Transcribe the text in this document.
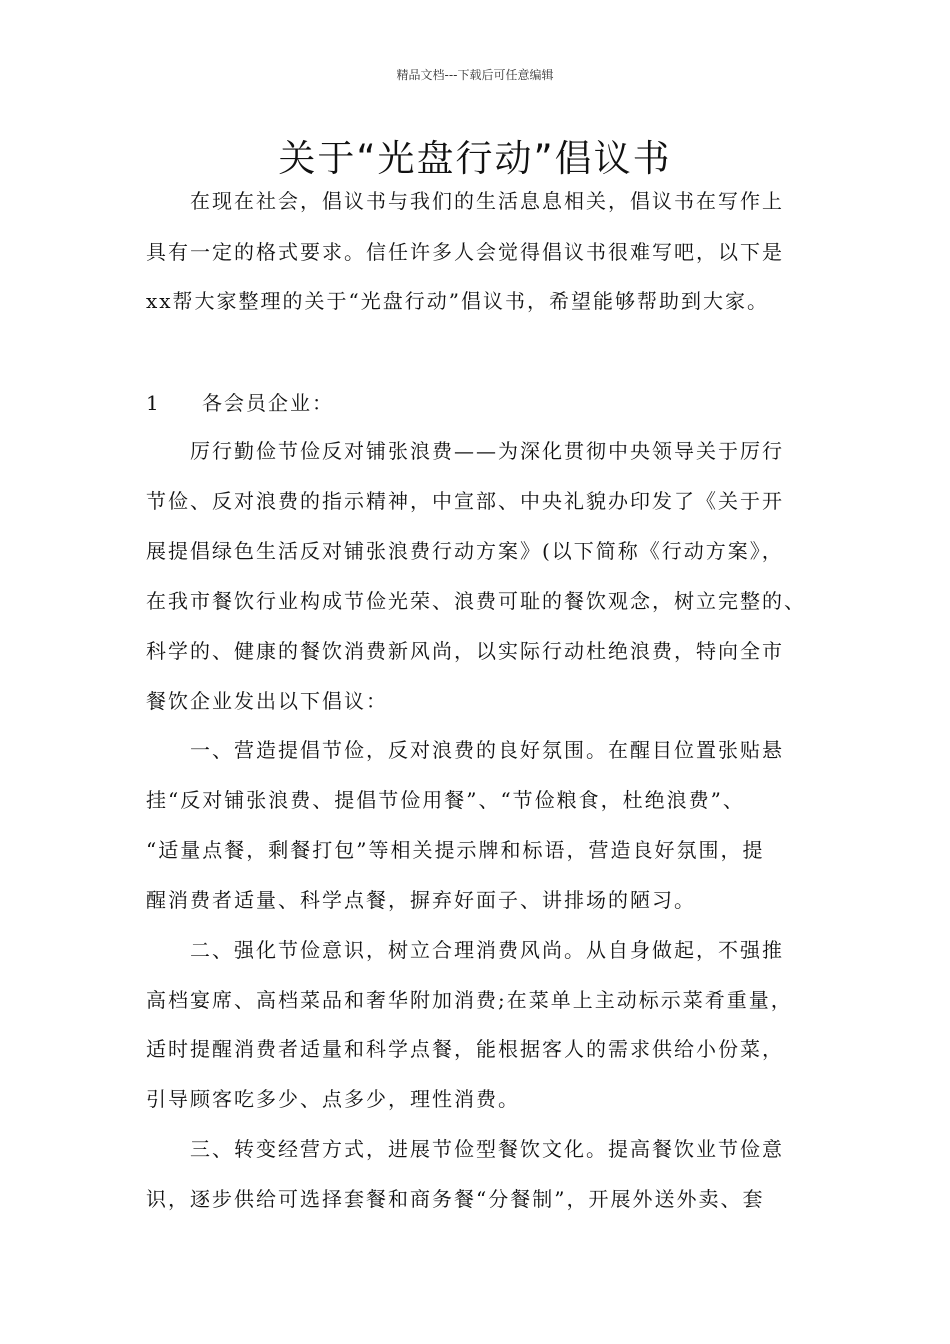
精品文档---下载后可任意编辑
关于“光盘行动”倡议书
在现在社会，倡议书与我们的生活息息相关，倡议书在写作上
具有一定的格式要求。信任许多人会觉得倡议书很难写吧，以下是
xx帮大家整理的关于“光盘行动”倡议书，希望能够帮助到大家。
1	各会员企业：
厉行勤俭节俭反对铺张浪费——为深化贯彻中央领导关于厉行
节俭、反对浪费的指示精神，中宣部、中央礼貌办印发了《关于开
展提倡绿色生活反对铺张浪费行动方案》(以下简称《行动方案》，
在我市餐饮行业构成节俭光荣、浪费可耻的餐饮观念，树立完整的、
科学的、健康的餐饮消费新风尚，以实际行动杜绝浪费，特向全市
餐饮企业发出以下倡议：
一、营造提倡节俭，反对浪费的良好氛围。在醒目位置张贴悬
挂“反对铺张浪费、提倡节俭用餐”、“节俭粮食，杜绝浪费”、
“适量点餐，剩餐打包”等相关提示牌和标语，营造良好氛围，提
醒消费者适量、科学点餐，摒弃好面子、讲排场的陋习。
二、强化节俭意识，树立合理消费风尚。从自身做起，不强推
高档宴席、高档菜品和奢华附加消费;在菜单上主动标示菜肴重量，
适时提醒消费者适量和科学点餐，能根据客人的需求供给小份菜，
引导顾客吃多少、点多少，理性消费。
三、转变经营方式，进展节俭型餐饮文化。提高餐饮业节俭意
识，逐步供给可选择套餐和商务餐“分餐制”，开展外送外卖、套
